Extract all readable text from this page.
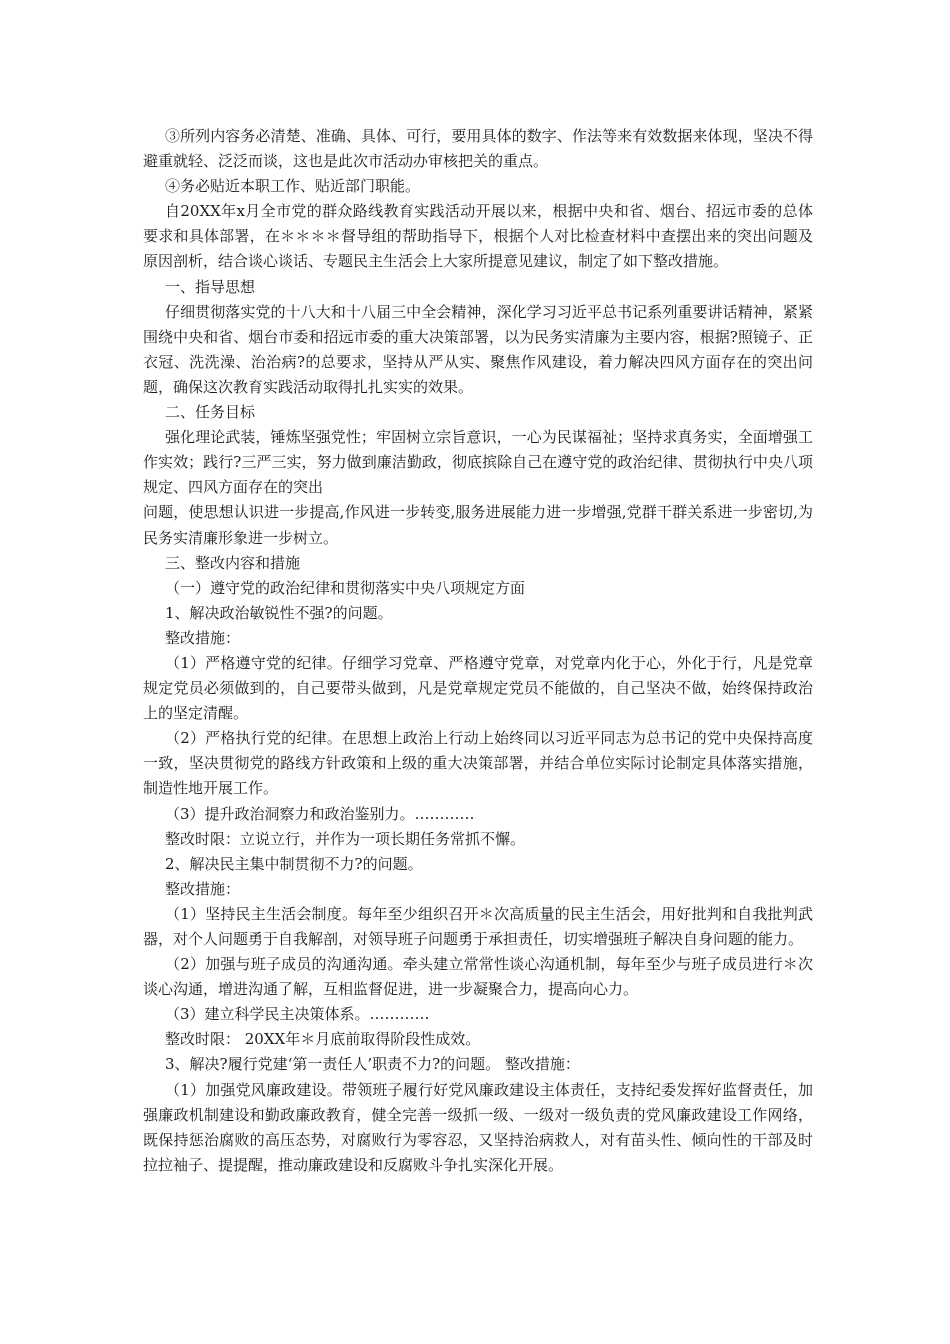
③所列内容务必清楚、准确、具体、可行，要用具体的数字、作法等来有效数据来体现，坚决不得避重就轻、泛泛而谈，这也是此次市活动办审核把关的重点。

④务必贴近本职工作、贴近部门职能。

自20XX年x月全市党的群众路线教育实践活动开展以来，根据中央和省、烟台、招远市委的总体要求和具体部署，在＊＊＊＊督导组的帮助指导下，根据个人对比检查材料中查摆出来的突出问题及原因剖析，结合谈心谈话、专题民主生活会上大家所提意见建议，制定了如下整改措施。

一、指导思想

仔细贯彻落实党的十八大和十八届三中全会精神，深化学习习近平总书记系列重要讲话精神，紧紧围绕中央和省、烟台市委和招远市委的重大决策部署，以为民务实清廉为主要内容，根据?照镜子、正衣冠、洗洗澡、治治病?的总要求，坚持从严从实、聚焦作风建设，着力解决四风方面存在的突出问题，确保这次教育实践活动取得扎扎实实的效果。

二、任务目标

强化理论武装，锤炼坚强党性；牢固树立宗旨意识，一心为民谋福祉；坚持求真务实，全面增强工作实效；践行?三严三实，努力做到廉洁勤政，彻底摈除自己在遵守党的政治纪律、贯彻执行中央八项规定、四风方面存在的突出

问题，使思想认识进一步提高,作风进一步转变,服务进展能力进一步增强,党群干群关系进一步密切,为民务实清廉形象进一步树立。

三、整改内容和措施

（一）遵守党的政治纪律和贯彻落实中央八项规定方面

1、解决政治敏锐性不强?的问题。

整改措施：

（1）严格遵守党的纪律。仔细学习党章、严格遵守党章，对党章内化于心，外化于行，凡是党章规定党员必须做到的，自己要带头做到，凡是党章规定党员不能做的，自己坚决不做，始终保持政治上的坚定清醒。

（2）严格执行党的纪律。在思想上政治上行动上始终同以习近平同志为总书记的党中央保持高度一致，坚决贯彻党的路线方针政策和上级的重大决策部署，并结合单位实际讨论制定具体落实措施，制造性地开展工作。

（3）提升政治洞察力和政治鉴别力。…………

整改时限：立说立行，并作为一项长期任务常抓不懈。

2、解决民主集中制贯彻不力?的问题。

整改措施：

（1）坚持民主生活会制度。每年至少组织召开＊次高质量的民主生活会，用好批判和自我批判武器，对个人问题勇于自我解剖，对领导班子问题勇于承担责任，切实增强班子解决自身问题的能力。

（2）加强与班子成员的沟通沟通。牵头建立常常性谈心沟通机制，每年至少与班子成员进行＊次谈心沟通，增进沟通了解，互相监督促进，进一步凝聚合力，提高向心力。

（3）建立科学民主决策体系。…………

整改时限： 20XX年＊月底前取得阶段性成效。

3、解决?履行党建‘第一责任人’职责不力?的问题。 整改措施：

（1）加强党风廉政建设。带领班子履行好党风廉政建设主体责任，支持纪委发挥好监督责任，加强廉政机制建设和勤政廉政教育，健全完善一级抓一级、一级对一级负责的党风廉政建设工作网络，既保持惩治腐败的高压态势，对腐败行为零容忍，又坚持治病救人，对有苗头性、倾向性的干部及时拉拉袖子、提提醒，推动廉政建设和反腐败斗争扎实深化开展。
